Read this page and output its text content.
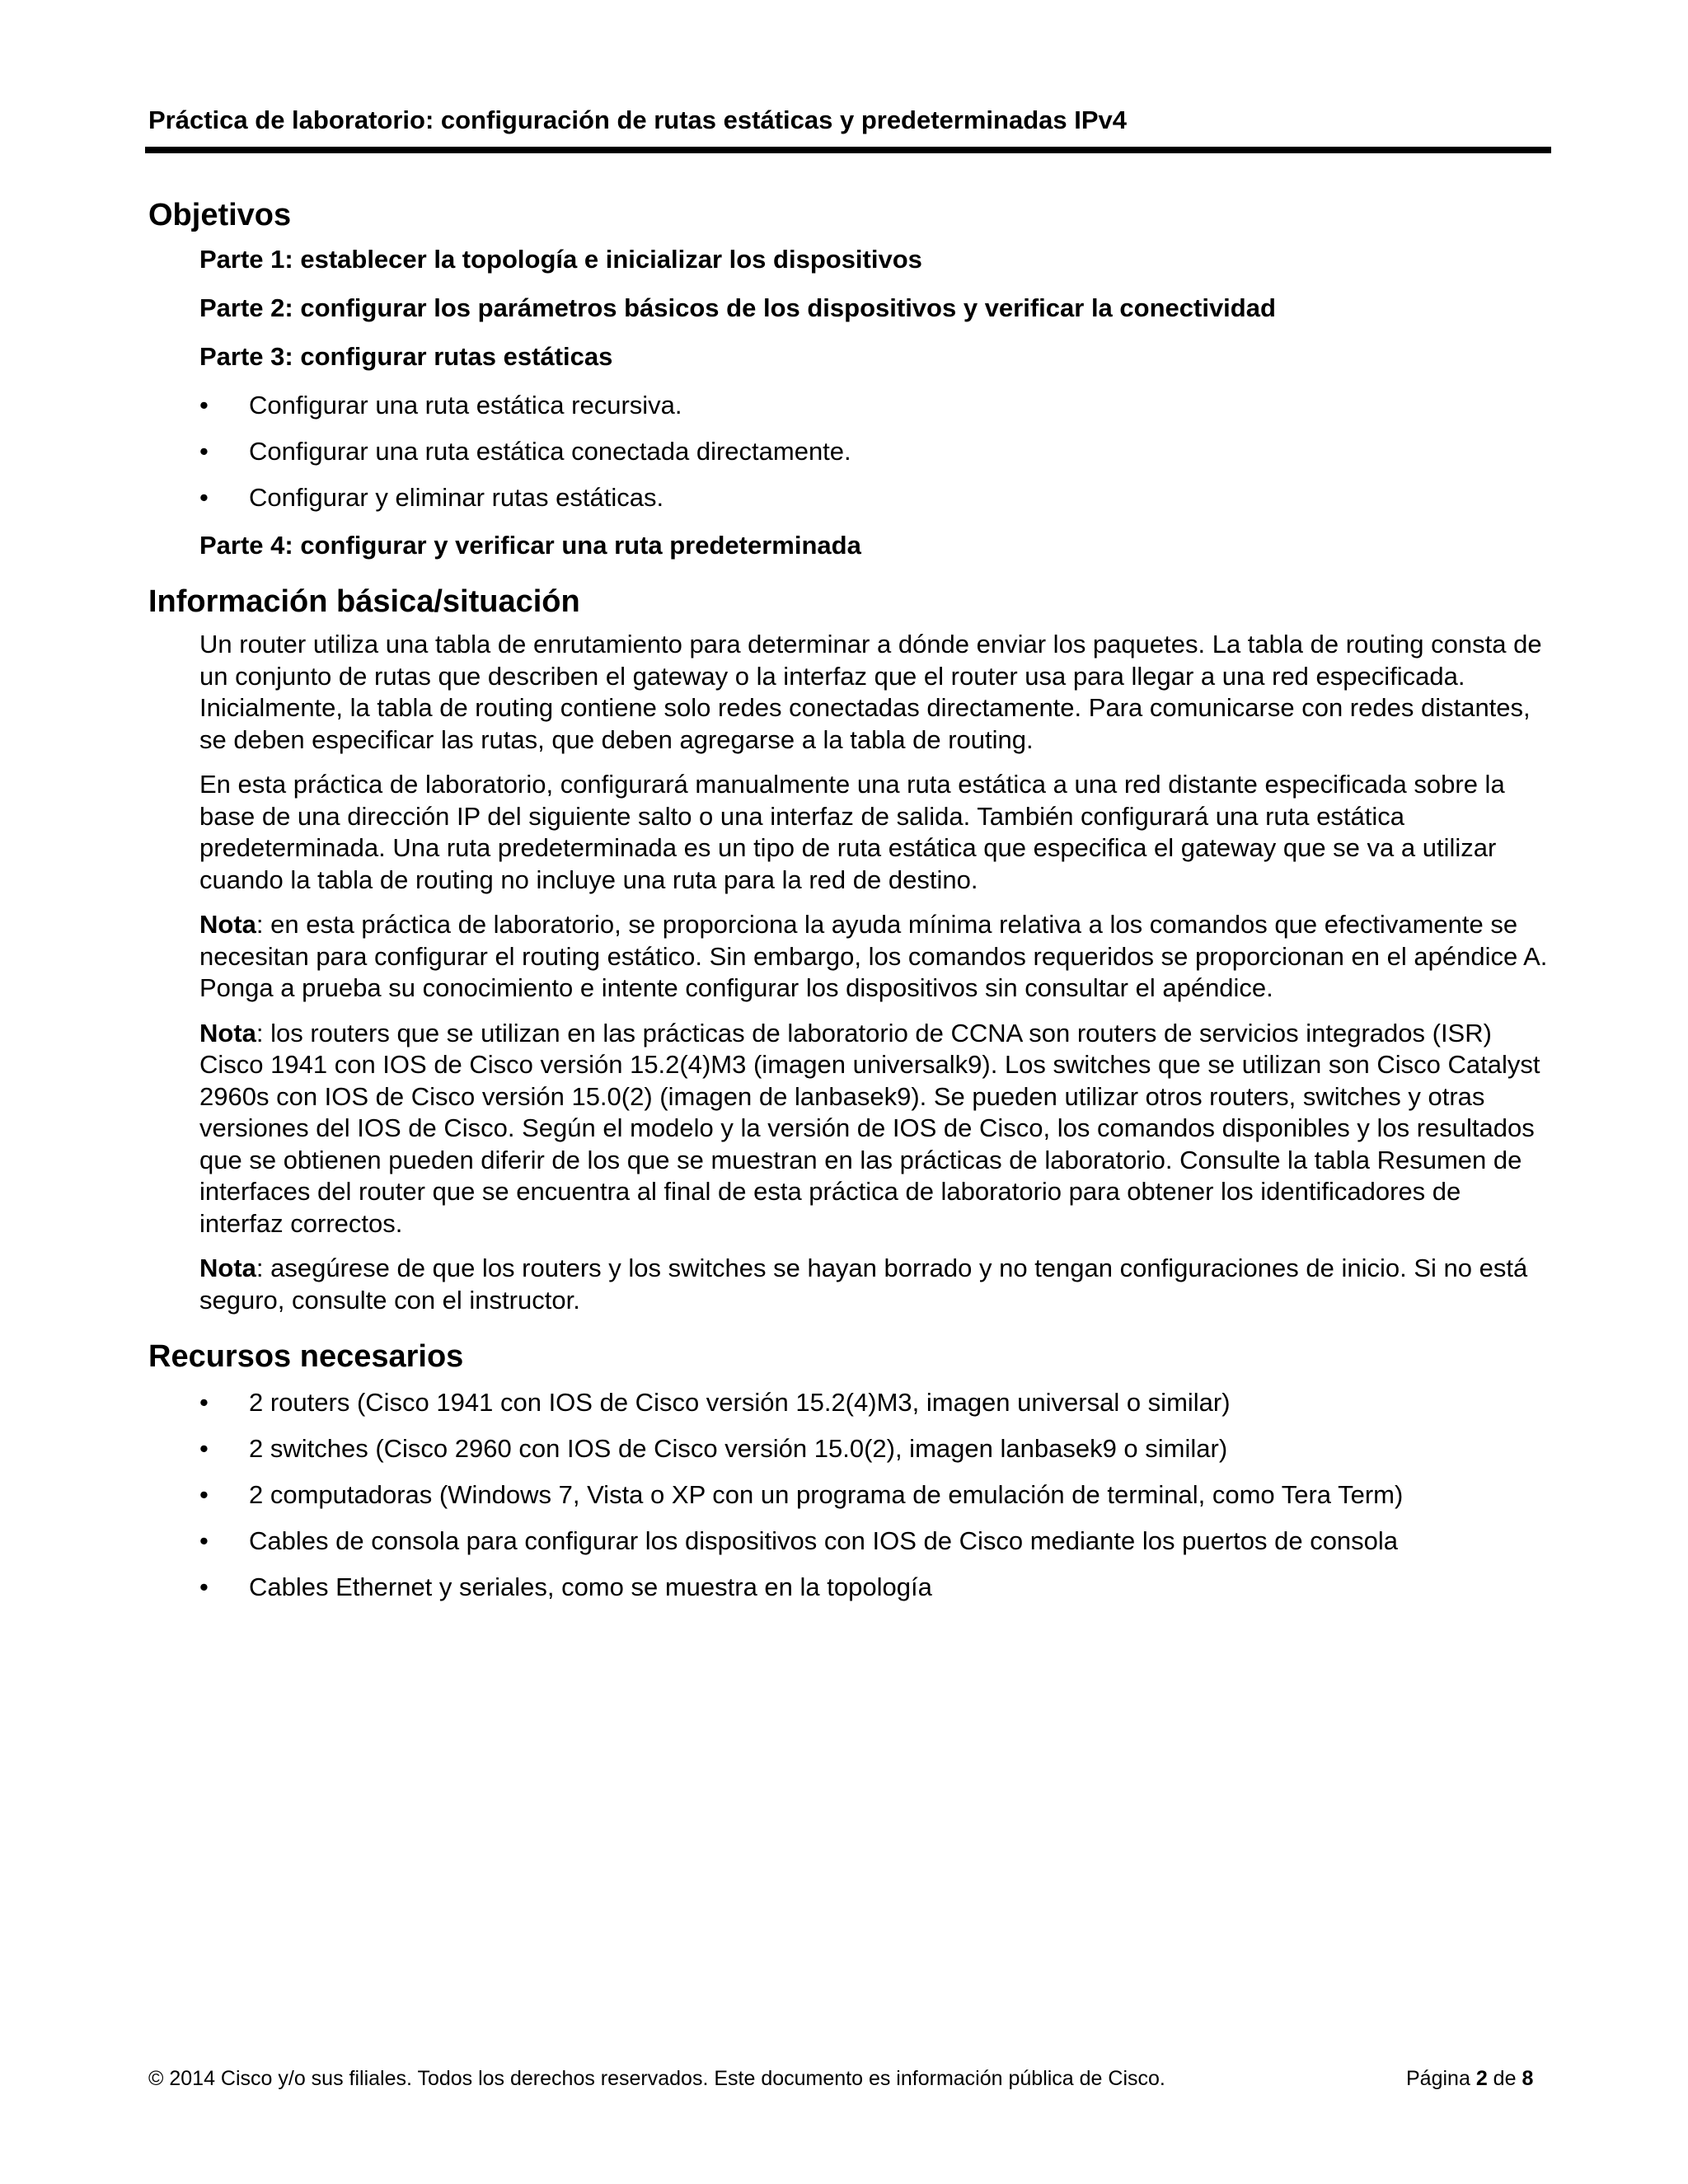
Práctica de laboratorio: configuración de rutas estáticas y predeterminadas IPv4
Objetivos
Parte 1: establecer la topología e inicializar los dispositivos
Parte 2: configurar los parámetros básicos de los dispositivos y verificar la conectividad
Parte 3: configurar rutas estáticas
• Configurar una ruta estática recursiva.
• Configurar una ruta estática conectada directamente.
• Configurar y eliminar rutas estáticas.
Parte 4: configurar y verificar una ruta predeterminada
Información básica/situación

Un router utiliza una tabla de enrutamiento para determinar a dónde enviar los paquetes. La tabla de routing consta de un conjunto de rutas que describen el gateway o la interfaz que el router usa para llegar a una red especificada. Inicialmente, la tabla de routing contiene solo redes conectadas directamente. Para comunicarse con redes distantes, se deben especificar las rutas, que deben agregarse a la tabla de routing.

En esta práctica de laboratorio, configurará manualmente una ruta estática a una red distante especificada sobre la base de una dirección IP del siguiente salto o una interfaz de salida. También configurará una ruta estática predeterminada. Una ruta predeterminada es un tipo de ruta estática que especifica el gateway que se va a utilizar cuando la tabla de routing no incluye una ruta para la red de destino.

Nota: en esta práctica de laboratorio, se proporciona la ayuda mínima relativa a los comandos que efectivamente se necesitan para configurar el routing estático. Sin embargo, los comandos requeridos se proporcionan en el apéndice A. Ponga a prueba su conocimiento e intente configurar los dispositivos sin consultar el apéndice.

Nota: los routers que se utilizan en las prácticas de laboratorio de CCNA son routers de servicios integrados (ISR) Cisco 1941 con IOS de Cisco versión 15.2(4)M3 (imagen universalk9). Los switches que se utilizan son Cisco Catalyst 2960s con IOS de Cisco versión 15.0(2) (imagen de lanbasek9). Se pueden utilizar otros routers, switches y otras versiones del IOS de Cisco. Según el modelo y la versión de IOS de Cisco, los comandos disponibles y los resultados que se obtienen pueden diferir de los que se muestran en las prácticas de laboratorio. Consulte la tabla Resumen de interfaces del router que se encuentra al final de esta práctica de laboratorio para obtener los identificadores de interfaz correctos.

Nota: asegúrese de que los routers y los switches se hayan borrado y no tengan configuraciones de inicio. Si no está seguro, consulte con el instructor.

Recursos necesarios
• 2 routers (Cisco 1941 con IOS de Cisco versión 15.2(4)M3, imagen universal o similar)
• 2 switches (Cisco 2960 con IOS de Cisco versión 15.0(2), imagen lanbasek9 o similar)
• 2 computadoras (Windows 7, Vista o XP con un programa de emulación de terminal, como Tera Term)
• Cables de consola para configurar los dispositivos con IOS de Cisco mediante los puertos de consola
• Cables Ethernet y seriales, como se muestra en la topología
© 2014 Cisco y/o sus filiales. Todos los derechos reservados. Este documento es información pública de Cisco.	Página 2 de 8
